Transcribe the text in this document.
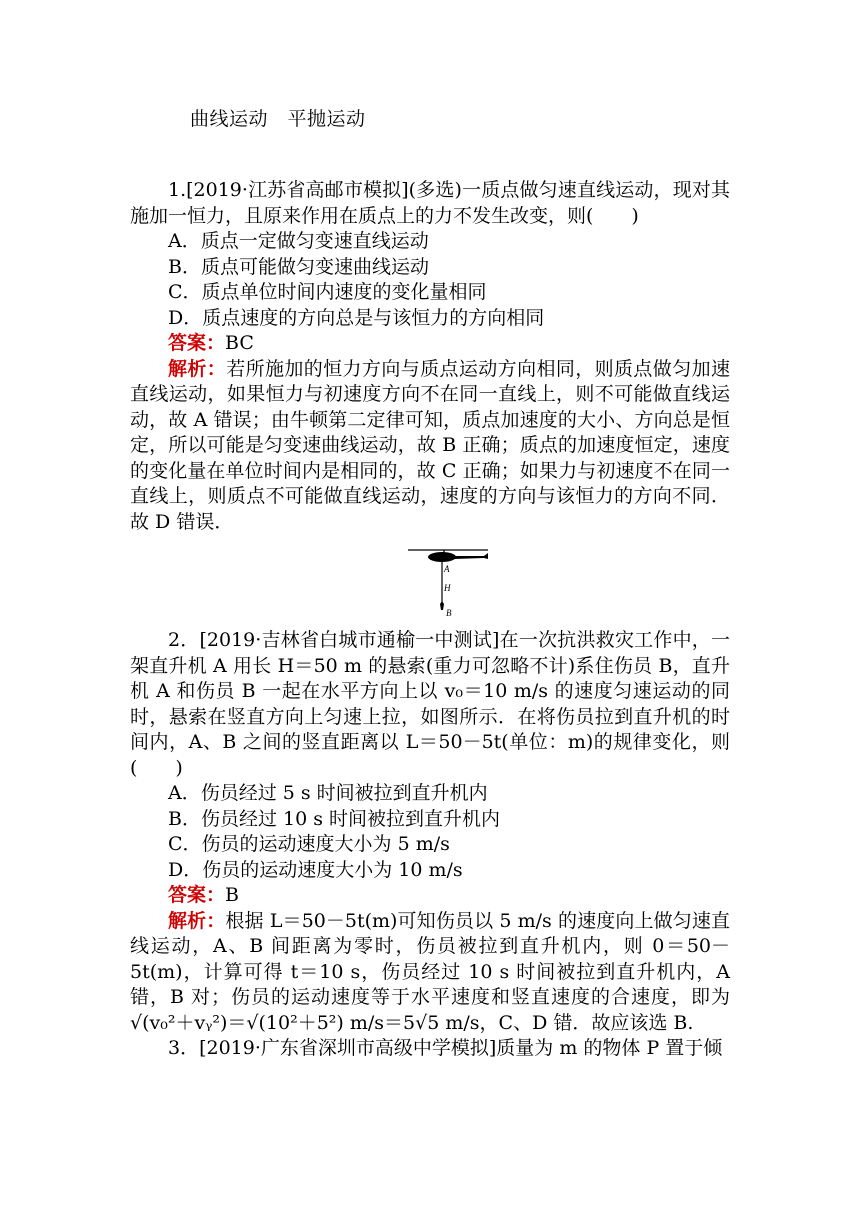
曲线运动　平抛运动
1.[2019·江苏省高邮市模拟](多选)一质点做匀速直线运动，现对其施加一恒力，且原来作用在质点上的力不发生改变，则(　　)
A．质点一定做匀变速直线运动
B．质点可能做匀变速曲线运动
C．质点单位时间内速度的变化量相同
D．质点速度的方向总是与该恒力的方向相同
答案：BC
解析：若所施加的恒力方向与质点运动方向相同，则质点做匀加速直线运动，如果恒力与初速度方向不在同一直线上，则不可能做直线运动，故 A 错误；由牛顿第二定律可知，质点加速度的大小、方向总是恒定，所以可能是匀变速曲线运动，故 B 正确；质点的加速度恒定，速度的变化量在单位时间内是相同的，故 C 正确；如果力与初速度不在同一直线上，则质点不可能做直线运动，速度的方向与该恒力的方向不同．故 D 错误．
A
H
B
2．[2019·吉林省白城市通榆一中测试]在一次抗洪救灾工作中，一架直升机 A 用长 H＝50 m 的悬索(重力可忽略不计)系住伤员 B，直升机 A 和伤员 B 一起在水平方向上以 v₀＝10 m/s 的速度匀速运动的同时，悬索在竖直方向上匀速上拉，如图所示．在将伤员拉到直升机的时间内，A、B 之间的竖直距离以 L＝50－5t(单位：m)的规律变化，则(　　)
A．伤员经过 5 s 时间被拉到直升机内
B．伤员经过 10 s 时间被拉到直升机内
C．伤员的运动速度大小为 5 m/s
D．伤员的运动速度大小为 10 m/s
答案：B
解析：根据 L＝50－5t(m)可知伤员以 5 m/s 的速度向上做匀速直线运动，A、B 间距离为零时，伤员被拉到直升机内，则 0＝50－5t(m)，计算可得 t＝10 s，伤员经过 10 s 时间被拉到直升机内，A 错，B 对；伤员的运动速度等于水平速度和竖直速度的合速度，即为√(v₀²＋vᵧ²)＝√(10²＋5²) m/s＝5√5 m/s，C、D 错．故应该选 B.
3．[2019·广东省深圳市高级中学模拟]质量为 m 的物体 P 置于倾
